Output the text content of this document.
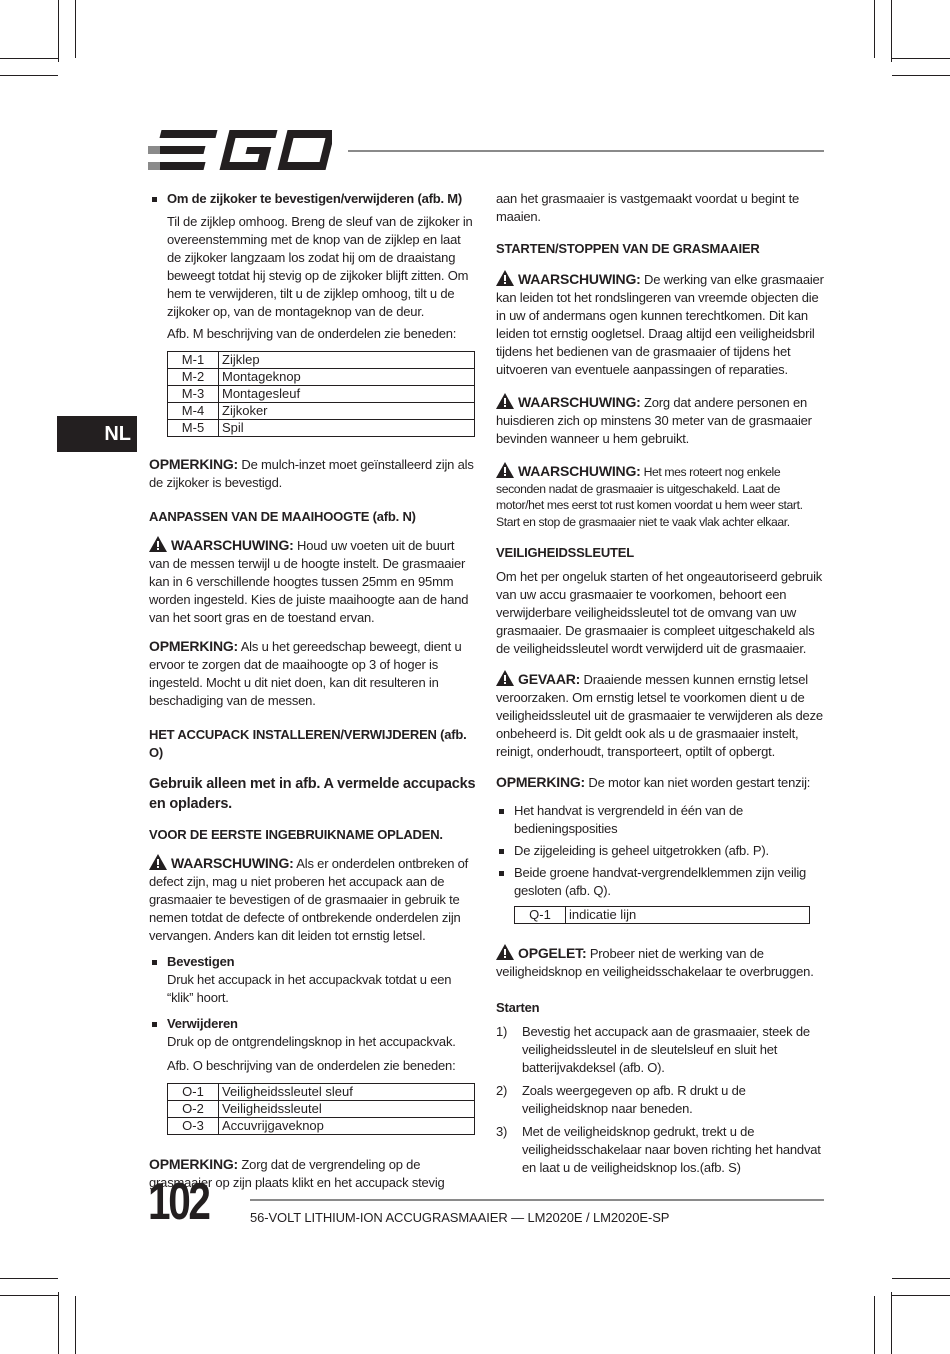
NL
Om de zijkoker te bevestigen/verwijderen (afb. M)

Til de zijklep omhoog. Breng de sleuf van de zijkoker in overeenstemming met de knop van de zijklep en laat de zijkoker langzaam los zodat hij om de draaistang beweegt totdat hij stevig op de zijkoker blijft zitten. Om hem te verwijderen, tilt u de zijklep omhoog, tilt u de zijkoker op, van de montageknop van de deur.

Afb. M beschrijving van de onderdelen zie beneden:

M-1	Zijklep
M-2	Montageknop
M-3	Montagesleuf
M-4	Zijkoker
M-5	Spil

OPMERKING: De mulch-inzet moet geïnstalleerd zijn als de zijkoker is bevestigd.

AANPASSEN VAN DE MAAIHOOGTE (afb. N)

WAARSCHUWING: Houd uw voeten uit de buurt van de messen terwijl u de hoogte instelt. De grasmaaier kan in 6 verschillende hoogtes tussen 25mm en 95mm worden ingesteld. Kies de juiste maaihoogte aan de hand van het soort gras en de toestand ervan.

OPMERKING: Als u het gereedschap beweegt, dient u ervoor te zorgen dat de maaihoogte op 3 of hoger is ingesteld. Mocht u dit niet doen, kan dit resulteren in beschadiging van de messen.

HET ACCUPACK INSTALLEREN/VERWIJDEREN (afb. O)

Gebruik alleen met in afb. A vermelde accupacks en opladers.

VOOR DE EERSTE INGEBRUIKNAME OPLADEN.

WAARSCHUWING: Als er onderdelen ontbreken of defect zijn, mag u niet proberen het accupack aan de grasmaaier te bevestigen of de grasmaaier in gebruik te nemen totdat de defecte of ontbrekende onderdelen zijn vervangen. Anders kan dit leiden tot ernstig letsel.

Bevestigen

Druk het accupack in het accupackvak totdat u een “klik” hoort.

Verwijderen

Druk op de ontgrendelingsknop in het accupackvak.

Afb. O beschrijving van de onderdelen zie beneden:

O-1	Veiligheidssleutel sleuf
O-2	Veiligheidssleutel
O-3	Accuvrijgaveknop

OPMERKING: Zorg dat de vergrendeling op de grasmaaier op zijn plaats klikt en het accupack stevig

aan het grasmaaier is vastgemaakt voordat u begint te maaien.

STARTEN/STOPPEN VAN DE GRASMAAIER

WAARSCHUWING: De werking van elke grasmaaier kan leiden tot het rondslingeren van vreemde objecten die in uw of andermans ogen kunnen terechtkomen. Dit kan leiden tot ernstig oogletsel. Draag altijd een veiligheidsbril tijdens het bedienen van de grasmaaier of tijdens het uitvoeren van eventuele aanpassingen of reparaties.

WAARSCHUWING: Zorg dat andere personen en huisdieren zich op minstens 30 meter van de grasmaaier bevinden wanneer u hem gebruikt.

WAARSCHUWING: Het mes roteert nog enkele seconden nadat de grasmaaier is uitgeschakeld. Laat de motor/het mes eerst tot rust komen voordat u hem weer start. Start en stop de grasmaaier niet te vaak vlak achter elkaar.

VEILIGHEIDSSLEUTEL

Om het per ongeluk starten of het ongeautoriseerd gebruik van uw accu grasmaaier te voorkomen, behoort een verwijderbare veiligheidssleutel tot de omvang van uw grasmaaier. De grasmaaier is compleet uitgeschakeld als de veiligheidssleutel wordt verwijderd uit de grasmaaier.

GEVAAR: Draaiende messen kunnen ernstig letsel veroorzaken. Om ernstig letsel te voorkomen dient u de veiligheidssleutel uit de grasmaaier te verwijderen als deze onbeheerd is. Dit geldt ook als u de grasmaaier instelt, reinigt, onderhoudt, transporteert, optilt of opbergt.

OPMERKING: De motor kan niet worden gestart tenzij:

Het handvat is vergrendeld in één van de bedieningsposities
De zijgeleiding is geheel uitgetrokken (afb. P).
Beide groene handvat-vergrendelklemmen zijn veilig gesloten (afb. Q).
Q-1	indicatie lijn

OPGELET: Probeer niet de werking van de veiligheidsknop en veiligheidsschakelaar te overbruggen.

Starten

1)	Bevestig het accupack aan de grasmaaier, steek de veiligheidssleutel in de sleutelsleuf en sluit het batterijvakdeksel (afb. O).
2)	Zoals weergegeven op afb. R drukt u de veiligheidsknop naar beneden.
3)	Met de veiligheidsknop gedrukt, trekt u de veiligheidsschakelaar naar boven richting het handvat en laat u de veiligheidsknop los.(afb. S)
102	56-VOLT LITHIUM-ION ACCUGRASMAAIER — LM2020E / LM2020E-SP
